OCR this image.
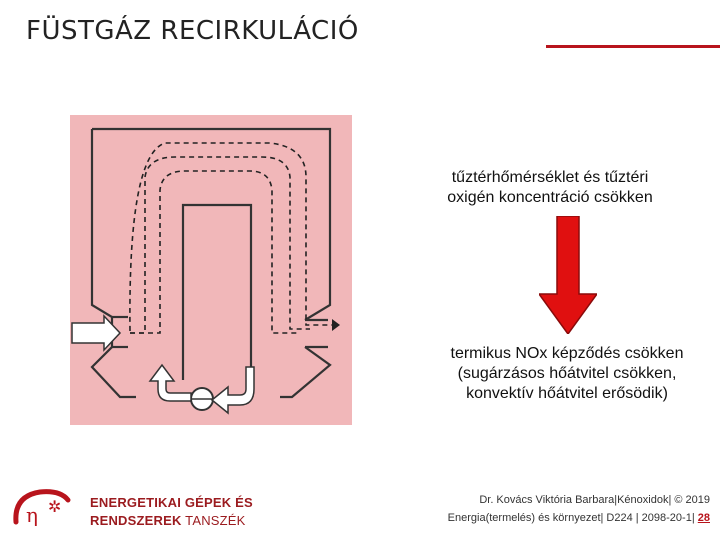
FÜSTGÁZ RECIRKULÁCIÓ
tűztérhőmérséklet és tűztéri oxigén koncentráció csökken
termikus NOx képződés csökken (sugárzásos hőátvitel csökken, konvektív hőátvitel erősödik)
η ✲ ENERGETIKAI GÉPEK ÉS
RENDSZEREK TANSZÉK
Dr. Kovács Viktória Barbara|Kénoxidok| © 2019
Energia(termelés) és környezet| D224 | 2098-20-1| 28
